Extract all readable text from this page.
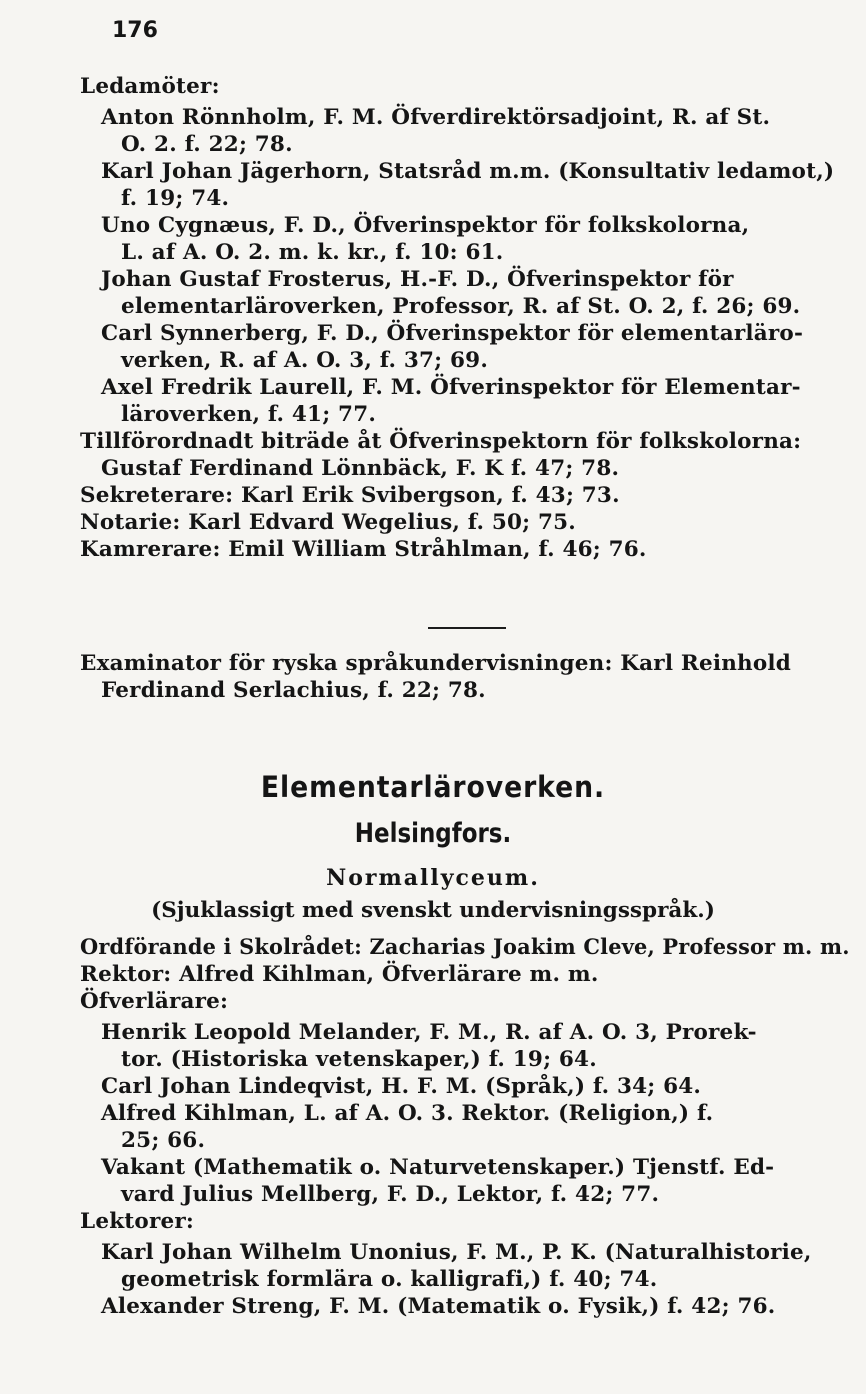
176
Ledamöter:
Anton Rönnholm, F. M. Öfverdirektörsadjoint, R. af St.
O. 2. f. 22; 78.
Karl Johan Jägerhorn, Statsråd m.m. (Konsultativ ledamot,)
f. 19; 74.
Uno Cygnæus, F. D., Öfverinspektor för folkskolorna,
L. af A. O. 2. m. k. kr., f. 10: 61.
Johan Gustaf Frosterus, H.-F. D., Öfverinspektor för
elementarläroverken, Professor, R. af St. O. 2, f. 26; 69.
Carl Synnerberg, F. D., Öfverinspektor för elementarläro-
verken, R. af A. O. 3, f. 37; 69.
Axel Fredrik Laurell, F. M. Öfverinspektor för Elementar-
läroverken, f. 41; 77.
Tillförordnadt biträde åt Öfverinspektorn för folkskolorna:
Gustaf Ferdinand Lönnbäck, F. K f. 47; 78.
Sekreterare: Karl Erik Svibergson, f. 43; 73.
Notarie: Karl Edvard Wegelius, f. 50; 75.
Kamrerare: Emil William Stråhlman, f. 46; 76.
Examinator för ryska språkundervisningen: Karl Reinhold
Ferdinand Serlachius, f. 22; 78.
Elementarläroverken.
Helsingfors.
Normallyceum.
(Sjuklassigt med svenskt undervisningsspråk.)
Ordförande i Skolrådet: Zacharias Joakim Cleve, Professor m. m.
Rektor: Alfred Kihlman, Öfverlärare m. m.
Öfverlärare:
Henrik Leopold Melander, F. M., R. af A. O. 3, Prorek-
tor. (Historiska vetenskaper,) f. 19; 64.
Carl Johan Lindeqvist, H. F. M. (Språk,) f. 34; 64.
Alfred Kihlman, L. af A. O. 3. Rektor. (Religion,) f.
25; 66.
Vakant (Mathematik o. Naturvetenskaper.) Tjenstf. Ed-
vard Julius Mellberg, F. D., Lektor, f. 42; 77.
Lektorer:
Karl Johan Wilhelm Unonius, F. M., P. K. (Naturalhistorie,
geometrisk formlära o. kalligrafi,) f. 40; 74.
Alexander Streng, F. M. (Matematik o. Fysik,) f. 42; 76.
